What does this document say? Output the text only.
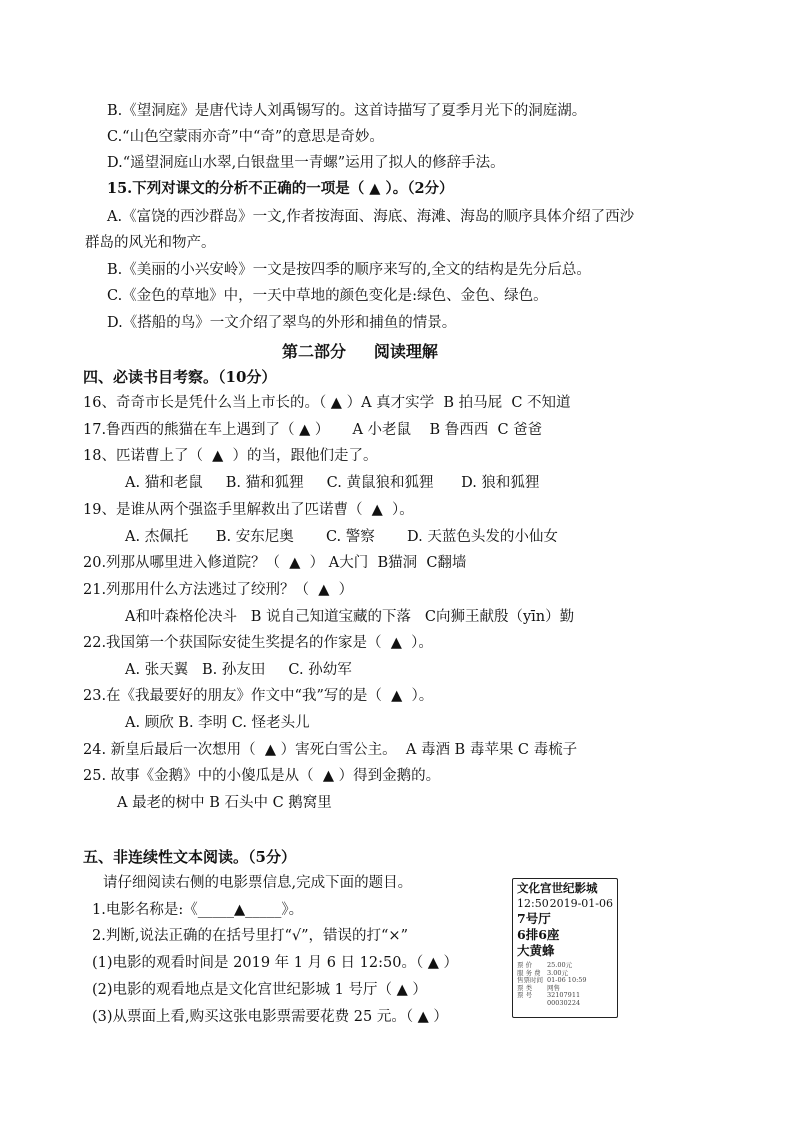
B.《望洞庭》是唐代诗人刘禹锡写的。这首诗描写了夏季月光下的洞庭湖。
C.“山色空蒙雨亦奇”中“奇”的意思是奇妙。
D.“遥望洞庭山水翠,白银盘里一青螺”运用了拟人的修辞手法。
15.下列对课文的分析不正确的一项是（ ▲ ）。（2分）
A.《富饶的西沙群岛》一文,作者按海面、海底、海滩、海岛的顺序具体介绍了西沙
群岛的风光和物产。
B.《美丽的小兴安岭》一文是按四季的顺序来写的,全文的结构是先分后总。
C.《金色的草地》中，一天中草地的颜色变化是:绿色、金色、绿色。
D.《搭船的鸟》一文介绍了翠鸟的外形和捕鱼的情景。
第二部分     阅读理解
四、必读书目考察。（10分）
16、奇奇市长是凭什么当上市长的。（ ▲ ）A 真才实学  B 拍马屁  C 不知道
17.鲁西西的熊猫在车上遇到了（ ▲ ）     A 小老鼠    B 鲁西西  C 爸爸
18、匹诺曹上了（  ▲  ）的当，跟他们走了。
A. 猫和老鼠     B. 猫和狐狸     C. 黄鼠狼和狐狸      D. 狼和狐狸
19、是谁从两个强盗手里解救出了匹诺曹（  ▲  ）。
A. 杰佩托      B. 安东尼奥       C. 警察       D. 天蓝色头发的小仙女
20.列那从哪里进入修道院？（  ▲  ） A大门  B猫洞  C翻墙
21.列那用什么方法逃过了绞刑？（  ▲  ）
A和叶森格伦决斗   B 说自己知道宝藏的下落   C向狮王献殷（yīn）勤
22.我国第一个获国际安徒生奖提名的作家是（  ▲  ）。
A. 张天翼   B. 孙友田     C. 孙幼军
23.在《我最要好的朋友》作文中“我”写的是（  ▲  ）。
A. 顾欣 B. 李明 C. 怪老头儿
24. 新皇后最后一次想用（  ▲ ）害死白雪公主。  A 毒酒 B 毒苹果 C 毒梳子
25. 故事《金鹅》中的小傻瓜是从（  ▲ ）得到金鹅的。
A 最老的树中 B 石头中 C 鹅窝里
五、非连续性文本阅读。（5分）
请仔细阅读右侧的电影票信息,完成下面的题目。
1.电影名称是:《_____▲_____》。
2.判断,说法正确的在括号里打“√”，错误的打“×”
(1)电影的观看时间是 2019 年 1 月 6 日 12:50。（ ▲ ）
(2)电影的观看地点是文化宫世纪影城 1 号厅（ ▲ ）
(3)从票面上看,购买这张电影票需要花费 25 元。（ ▲ ）
文化宫世纪影城
12:50 2019-01-06
7号厅
6排6座
大黄蜂
票 价	25.00元
服 务 费 3.00元
售票时间 01-06 10:59
票 类	网售
票 号	32107911
00030224
